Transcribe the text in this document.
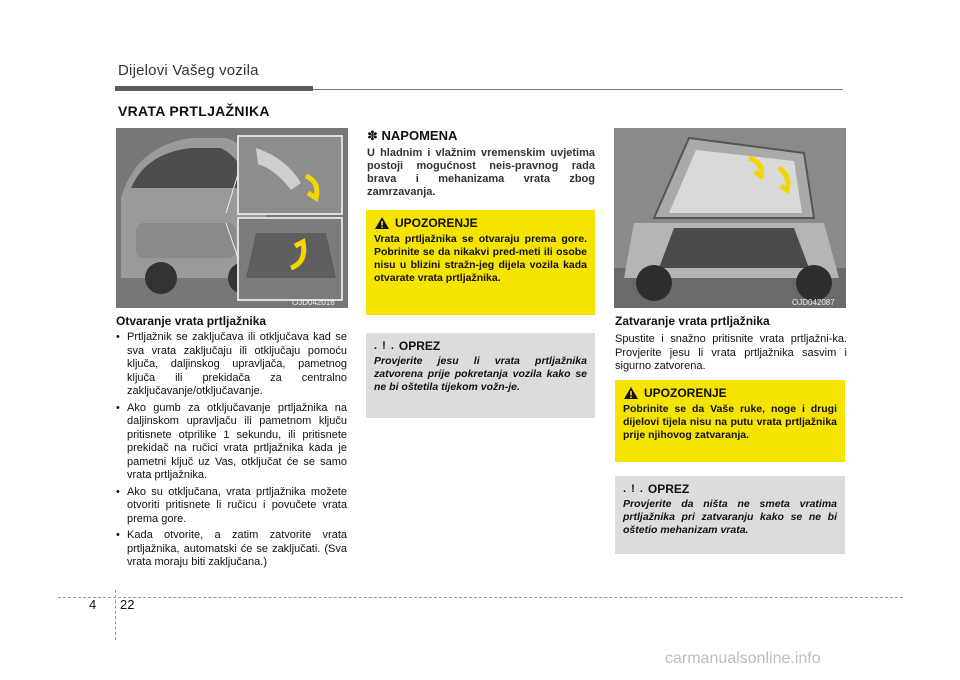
Dijelovi Vašeg vozila
VRATA PRTLJAŽNIKA
OJD042016
Otvaranje vrata prtljažnika
• Prtljažnik se zaključava ili otključava kad se sva vrata zaključaju ili otključaju pomoću ključa, daljinskog upravljača, pametnog ključa ili prekidača za centralno zaključavanje/otključavanje.
• Ako gumb za otključavanje prtljažnika na daljinskom upravljaču ili pametnom ključu pritisnete otprilike 1 sekundu, ili pritisnete prekidač na ručici vrata prtljažnika kada je pametni ključ uz Vas, otključat će se samo vrata prtljažnika.
• Ako su otključana, vrata prtljažnika možete otvoriti pritisnete li ručicu i povučete vrata prema gore.
• Kada otvorite, a zatim zatvorite vrata prtljažnika, automatski će se zaključati. (Sva vrata moraju biti zaključana.)
✽ NAPOMENA
U hladnim i vlažnim vremenskim uvjetima postoji mogućnost neis-pravnog rada brava i mehanizama vrata zbog zamrzavanja.
UPOZORENJE
Vrata prtljažnika se otvaraju prema gore. Pobrinite se da nikakvi pred-meti ili osobe nisu u blizini stražn-jeg dijela vozila kada otvarate vrata prtljažnika.
. ! . OPREZ
Provjerite jesu li vrata prtljažnika zatvorena prije pokretanja vozila kako se ne bi oštetila tijekom vožn-je.
OJD042087
Zatvaranje vrata prtljažnika
Spustite i snažno pritisnite vrata prtljažni-ka. Provjerite jesu li vrata prtljažnika sasvim i sigurno zatvorena.
UPOZORENJE
Pobrinite se da Vaše ruke, noge i drugi dijelovi tijela nisu na putu vrata prtljažnika prije njihovog zatvaranja.
. ! . OPREZ
Provjerite da ništa ne smeta vratima prtljažnika pri zatvaranju kako se ne bi oštetio mehanizam vrata.
4 22
carmanualsonline.info
